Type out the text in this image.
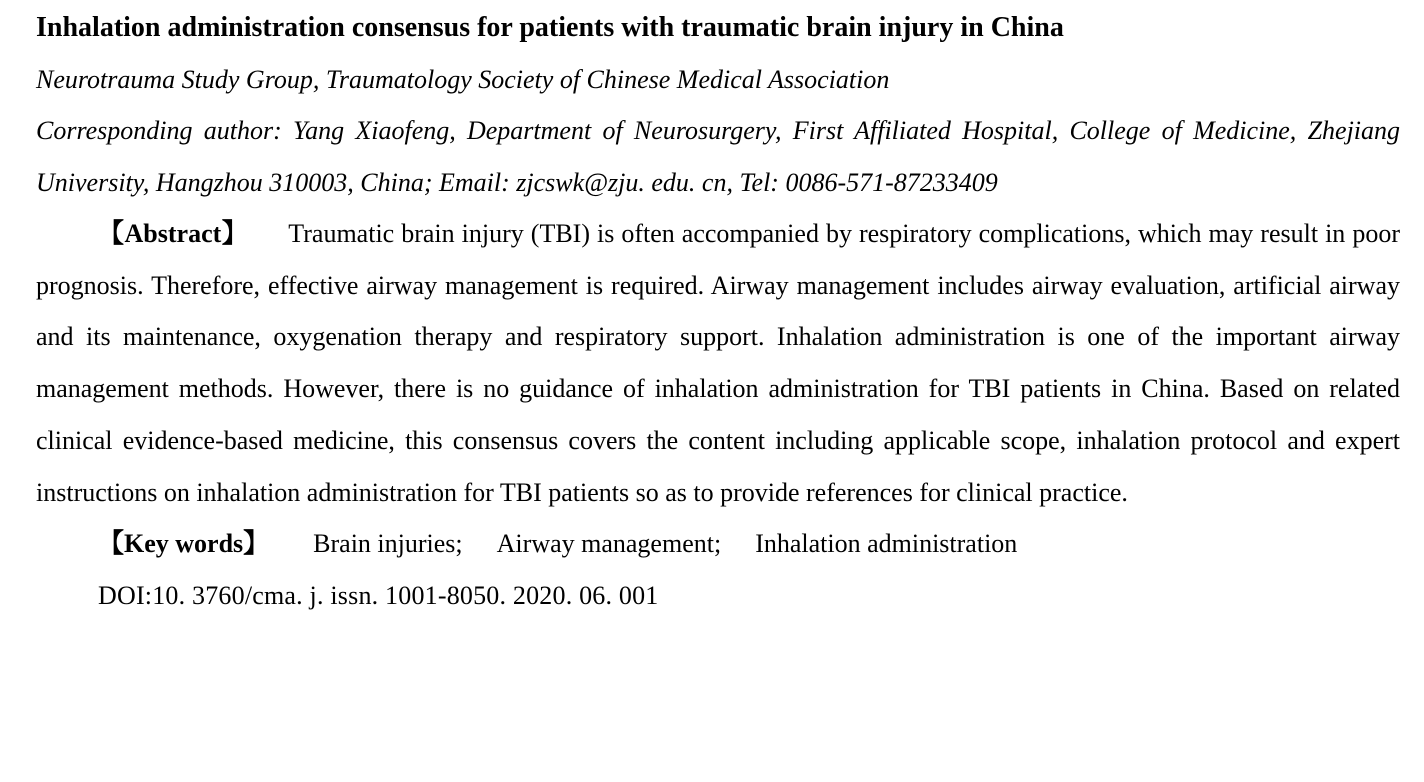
Inhalation administration consensus for patients with traumatic brain injury in China

Neurotrauma Study Group, Traumatology Society of Chinese Medical Association

Corresponding author: Yang Xiaofeng, Department of Neurosurgery, First Affiliated Hospital, College of Medicine, Zhejiang University, Hangzhou 310003, China; Email: zjcswk@zju. edu. cn, Tel: 0086-571-87233409

【Abstract】 Traumatic brain injury (TBI) is often accompanied by respiratory complications, which may result in poor prognosis. Therefore, effective airway management is required. Airway management includes airway evaluation, artificial airway and its maintenance, oxygenation therapy and respiratory support. Inhalation administration is one of the important airway management methods. However, there is no guidance of inhalation administration for TBI patients in China. Based on related clinical evidence-based medicine, this consensus covers the content including applicable scope, inhalation protocol and expert instructions on inhalation administration for TBI patients so as to provide references for clinical practice.

【Key words】 Brain injuries; Airway management; Inhalation administration

DOI:10. 3760/cma. j. issn. 1001-8050. 2020. 06. 001
